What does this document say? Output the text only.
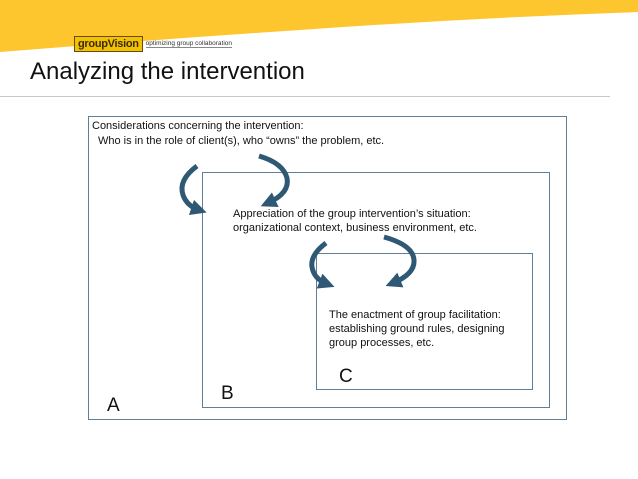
groupVision	optimizing group collaboration
Analyzing the intervention
Considerations concerning the intervention:
Who is in the role of client(s), who “owns” the problem, etc.
Appreciation of the group intervention’s situation:
organizational context, business environment, etc.
The enactment of group facilitation:
establishing ground rules, designing
group processes, etc.
A
B
C
